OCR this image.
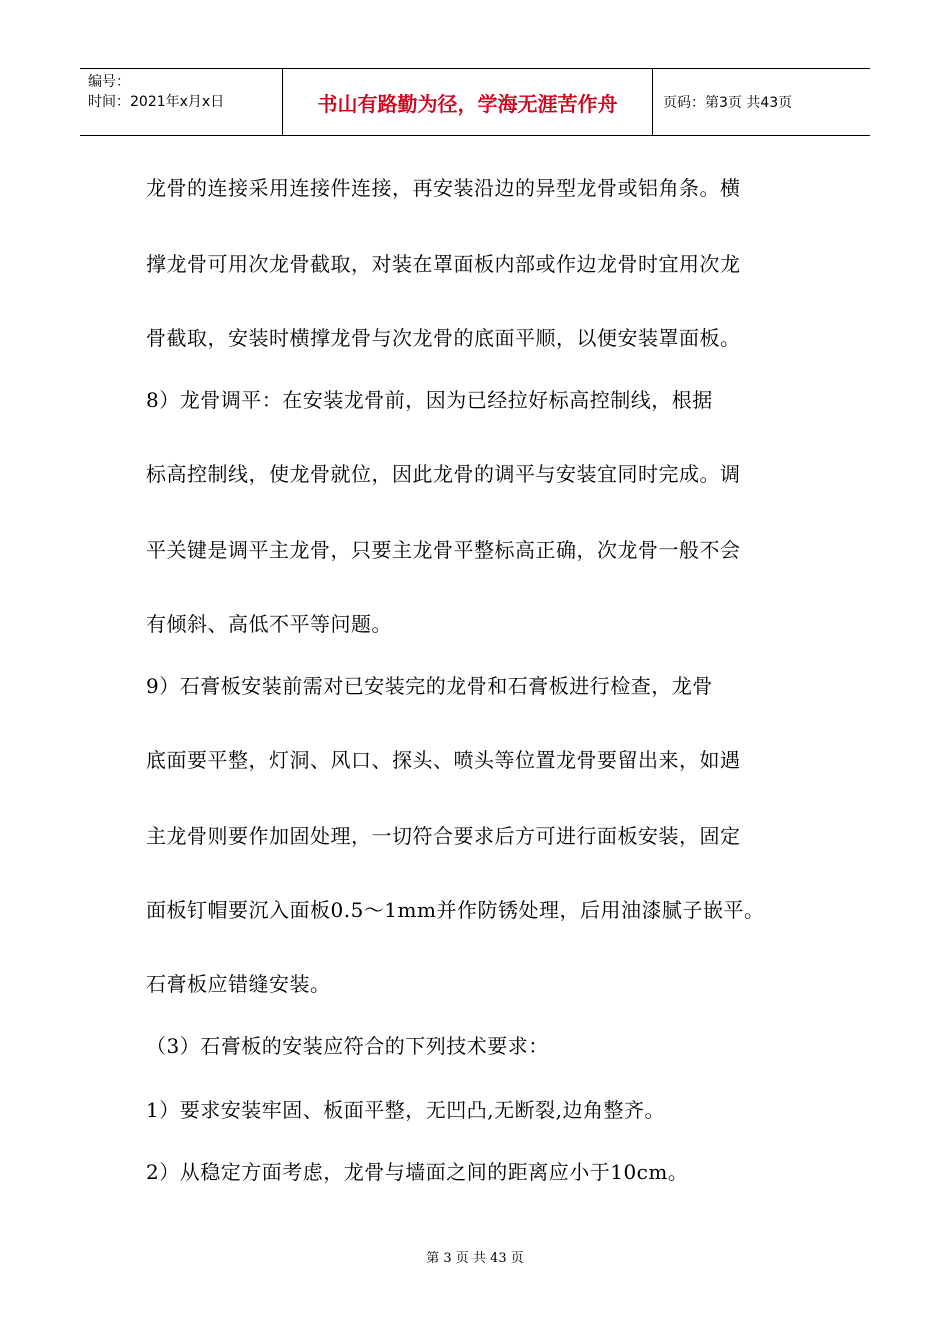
编号：
时间：2021年x月x日	书山有路勤为径，学海无涯苦作舟	页码：第3页 共43页
龙骨的连接采用连接件连接，再安装沿边的异型龙骨或铝角条。横
撑龙骨可用次龙骨截取，对装在罩面板内部或作边龙骨时宜用次龙
骨截取，安装时横撑龙骨与次龙骨的底面平顺，以便安装罩面板。
8）龙骨调平：在安装龙骨前，因为已经拉好标高控制线，根据
标高控制线，使龙骨就位，因此龙骨的调平与安装宜同时完成。调
平关键是调平主龙骨，只要主龙骨平整标高正确，次龙骨一般不会
有倾斜、高低不平等问题。
9）石膏板安装前需对已安装完的龙骨和石膏板进行检查，龙骨
底面要平整，灯洞、风口、探头、喷头等位置龙骨要留出来，如遇
主龙骨则要作加固处理，一切符合要求后方可进行面板安装，固定
面板钉帽要沉入面板0.5～1mm并作防锈处理，后用油漆腻子嵌平。
石膏板应错缝安装。
（3）石膏板的安装应符合的下列技术要求：
1）要求安装牢固、板面平整，无凹凸,无断裂,边角整齐。
2）从稳定方面考虑，龙骨与墙面之间的距离应小于10cm。
第 3 页 共 43 页
